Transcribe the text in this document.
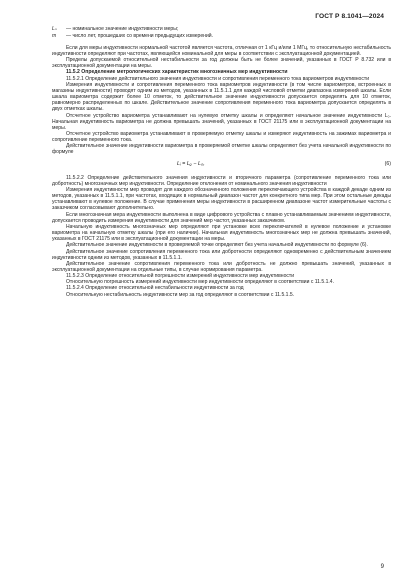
ГОСТ Р 8.1041—2024
Lₙ	— номинальное значение индуктивности меры;
m	— число лет, прошедших со времени предыдущих измерений.

Если для меры индуктивности нормальной частотой является частота, отличная от 1 кГц и/или 1 МГц, то относительную нестабильность индуктивности определяют при частотах, являющейся номинальной для меры в соответствии с эксплуатационной документацией.

Пределы допускаемой относительной нестабильности за год должны быть не более значений, указанных в ГОСТ Р 8.732 или в эксплуатационной документации на меры.

11.5.2 Определение метрологических характеристик многозначных мер индуктивности

11.5.2.1 Определение действительного значения индуктивности и сопротивления переменного тока вариометров индуктивности

Измерения индуктивности и сопротивления переменного тока вариометров индуктивности (в том числе вариометров, встроенных в магазины индуктивности) проводят одним из методов, указанных в 11.5.1.1 для каждой числовой отметки диапазона измерений шкалы. Если шкала вариометра содержит более 10 отметок, то действительное значение индуктивности допускается определять для 10 отметок, равномерно распределенных по шкале. Действительное значение сопротивления переменного тока вариометра допускается определять в двух отметках шкалы.

Отсчетное устройство вариометра устанавливают на нулевую отметку шкалы и определяют начальное значение индуктивности L₀. Начальная индуктивность вариометра не должна превышать значений, указанных в ГОСТ 21175 или в эксплуатационной документации на меры.

Отсчетное устройство вариометра устанавливают в проверяемую отметку шкалы и измеряют индуктивность на зажимах вариометра и сопротивление переменного тока.

Действительное значение индуктивности вариометра в проверяемой отметке шкалы определяют без учета начальной индуктивности по формуле

Lᵢ = Lᵨ − L₀,	(6)

11.5.2.2 Определение действительного значения индуктивности и вторичного параметра (сопротивление переменного тока или добротность) многозначных мер индуктивности. Определение отклонения от номинального значения индуктивности

Измерения индуктивности мер проводят для каждого обозначенного положения переключающего устройства в каждой декаде одним из методов, указанных в 11.5.1.1, при частотах, входящих в нормальный диапазон частот для конкретного типа мер. При этом остальные декады устанавливают в нулевое положение. В случае применения меры индуктивности в расширенном диапазоне частот измерительные частоты с заказчиком согласовывают дополнительно.

Если многозначная мера индуктивности выполнена в виде цифрового устройства с плавно устанавливаемым значением индуктивности, допускается проводить измерения индуктивности для значений мер частот, указанных заказчиком.

Начальную индуктивность многозначных мер определяют при установке всех переключателей в нулевое положение и установке вариометра на начальную отметку шкалы (при его наличии). Начальная индуктивность многозначных мер не должна превышать значений, указанных в ГОСТ 21175 или в эксплуатационной документации на меры.

Действительное значение индуктивности в проверяемой точке определяют без учета начальной индуктивности по формуле (6).

Действительное значение сопротивления переменного тока или добротности определяют одновременно с действительным значением индуктивности одним из методов, указанных в 11.5.1.1.

Действительное значение сопротивления переменного тока или добротность не должно превышать значений, указанных в эксплуатационной документации на отдельные типы, в случае нормирования параметра.

11.5.2.3 Определение относительной погрешности измерений индуктивности мер индуктивности

Относительную погрешность измерений индуктивности мер индуктивности определяют в соответствии с 11.5.1.4.

11.5.2.4 Определение относительной нестабильности индуктивности за год

Относительную нестабильность индуктивности мер за год определяют в соответствии с 11.5.1.5.

9
